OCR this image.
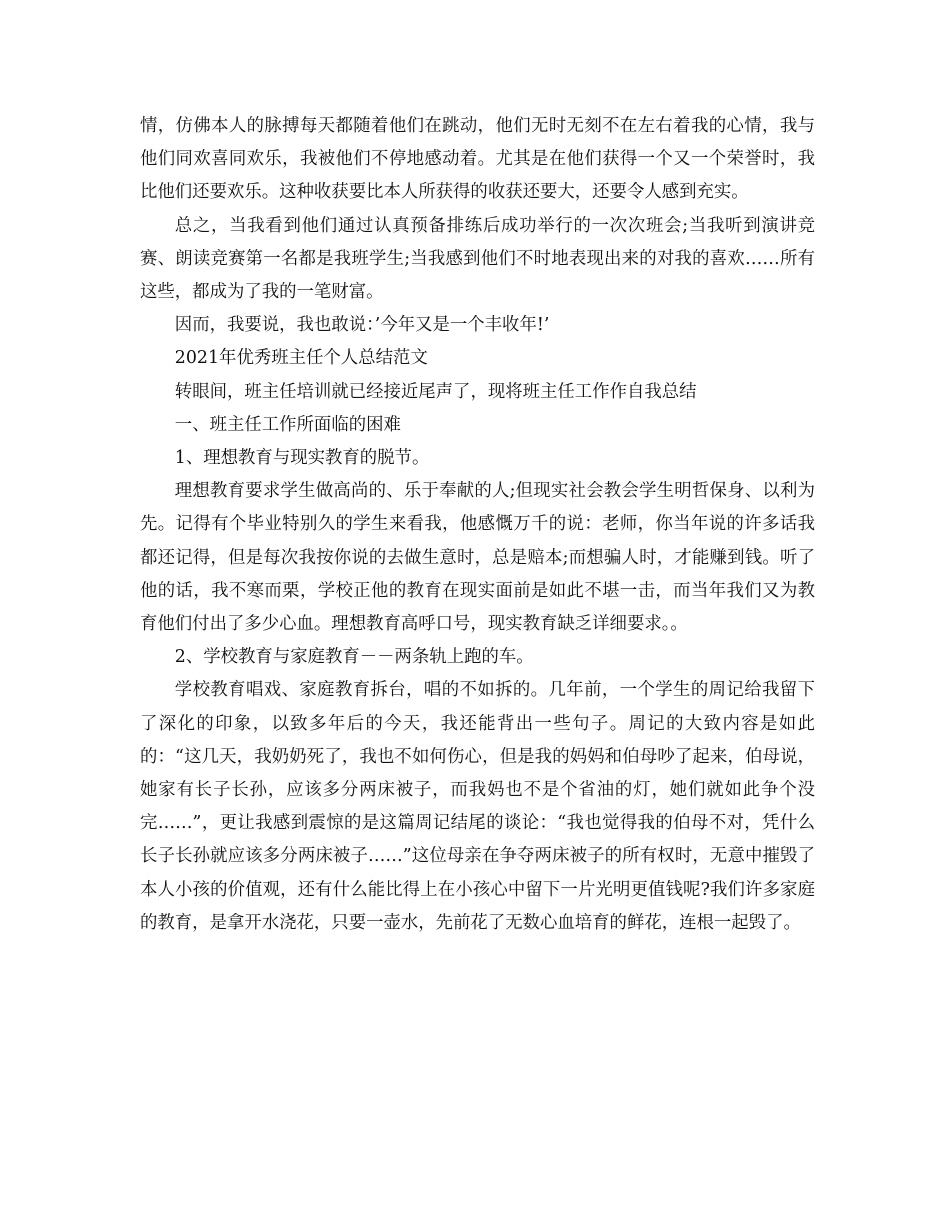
情，仿佛本人的脉搏每天都随着他们在跳动，他们无时无刻不在左右着我的心情，我与他们同欢喜同欢乐，我被他们不停地感动着。尤其是在他们获得一个又一个荣誉时，我比他们还要欢乐。这种收获要比本人所获得的收获还要大，还要令人感到充实。

总之，当我看到他们通过认真预备排练后成功举行的一次次班会;当我听到演讲竞赛、朗读竞赛第一名都是我班学生;当我感到他们不时地表现出来的对我的喜欢……所有这些，都成为了我的一笔财富。

因而，我要说，我也敢说：’今年又是一个丰收年!’

2021年优秀班主任个人总结范文

转眼间，班主任培训就已经接近尾声了，现将班主任工作作自我总结

一、班主任工作所面临的困难

1、理想教育与现实教育的脱节。

理想教育要求学生做高尚的、乐于奉献的人;但现实社会教会学生明哲保身、以利为先。记得有个毕业特别久的学生来看我，他感慨万千的说：老师，你当年说的许多话我都还记得，但是每次我按你说的去做生意时，总是赔本;而想骗人时，才能赚到钱。听了他的话，我不寒而栗，学校正他的教育在现实面前是如此不堪一击，而当年我们又为教育他们付出了多少心血。理想教育高呼口号，现实教育缺乏详细要求。。

2、学校教育与家庭教育－－两条轨上跑的车。

学校教育唱戏、家庭教育拆台，唱的不如拆的。几年前，一个学生的周记给我留下了深化的印象，以致多年后的今天，我还能背出一些句子。周记的大致内容是如此的：“这几天，我奶奶死了，我也不如何伤心，但是我的妈妈和伯母吵了起来，伯母说，她家有长子长孙，应该多分两床被子，而我妈也不是个省油的灯，她们就如此争个没完……”，更让我感到震惊的是这篇周记结尾的谈论：“我也觉得我的伯母不对，凭什么长子长孙就应该多分两床被子……”这位母亲在争夺两床被子的所有权时，无意中摧毁了本人小孩的价值观，还有什么能比得上在小孩心中留下一片光明更值钱呢?我们许多家庭的教育，是拿开水浇花，只要一壶水，先前花了无数心血培育的鲜花，连根一起毁了。
